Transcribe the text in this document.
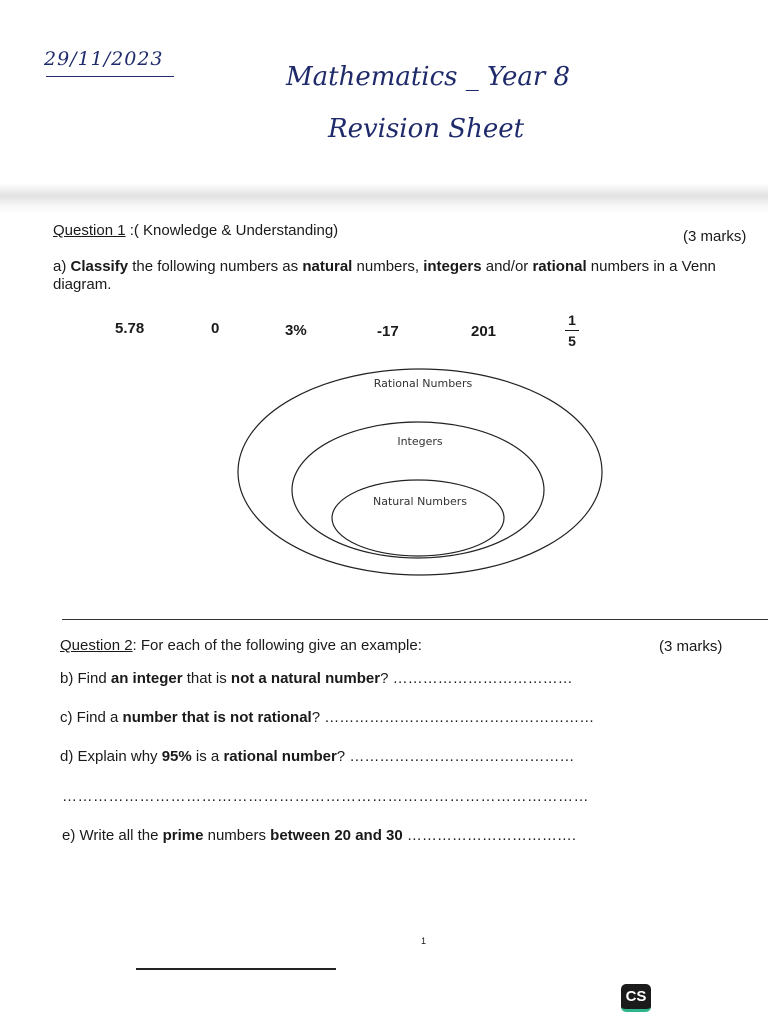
29/11/2023
Mathematics _ Year 8
Revision Sheet
Question 1 :( Knowledge & Understanding)	(3 marks)
a) Classify the following numbers as natural numbers, integers and/or rational numbers in a Venn diagram.
5.78	0	3%	-17	201
1
5
Rational Numbers
Integers
Natural Numbers
Question 2: For each of the following give an example:	(3 marks)
b) Find an integer that is not a natural number? ………………………………
c) Find a number that is not rational? ………………………………………………
d) Explain why 95% is a rational number? ………………………………………
…………………………………………………………………………………………
e) Write all the prime numbers between 20 and 30 …………………………….
1
CS
